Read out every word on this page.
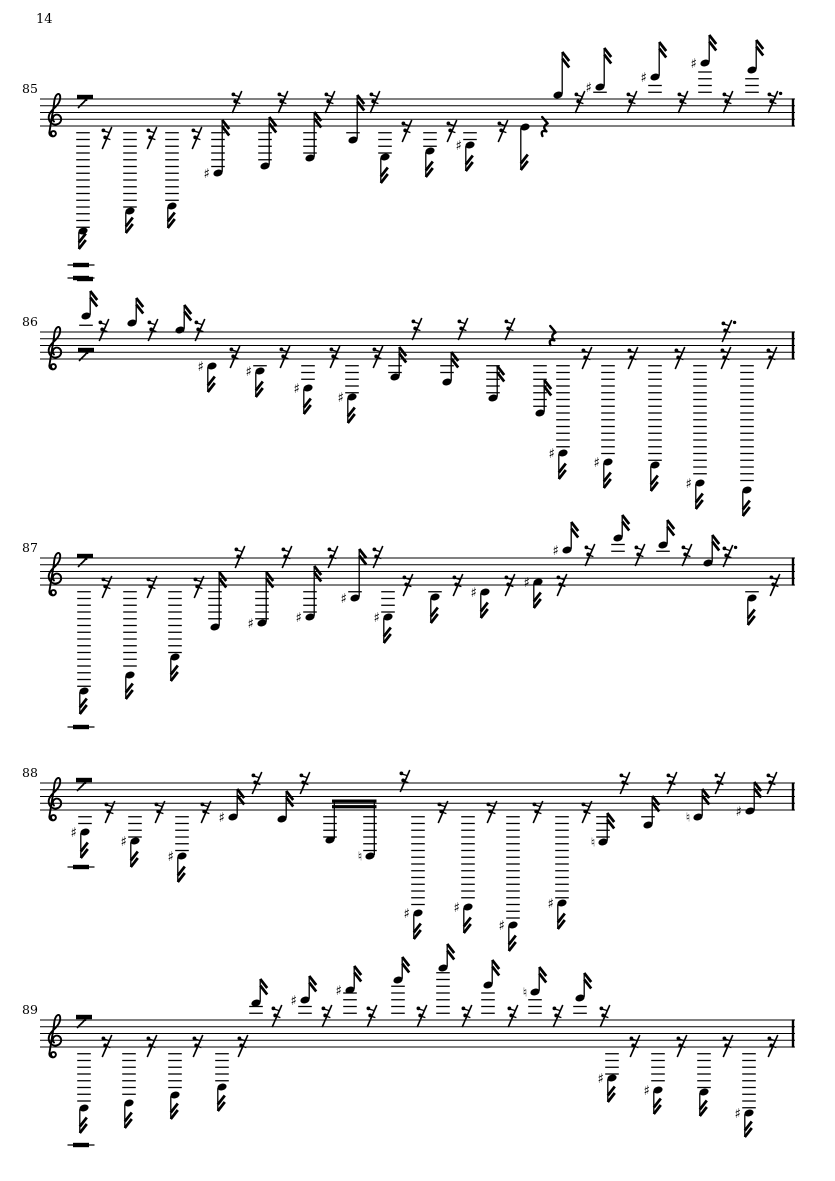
14
85
86
87
88
89
♯
♯
♯
♯
♯
♯	♯
♯
♯
♯
♯
♯
♯	♯
♯
♯
♯
♯
♯
♯
♯
♯
♯
♯	♯
♯
♯
♮
♮	♯
♮
♯
♯	♮
♯
♯
♯
